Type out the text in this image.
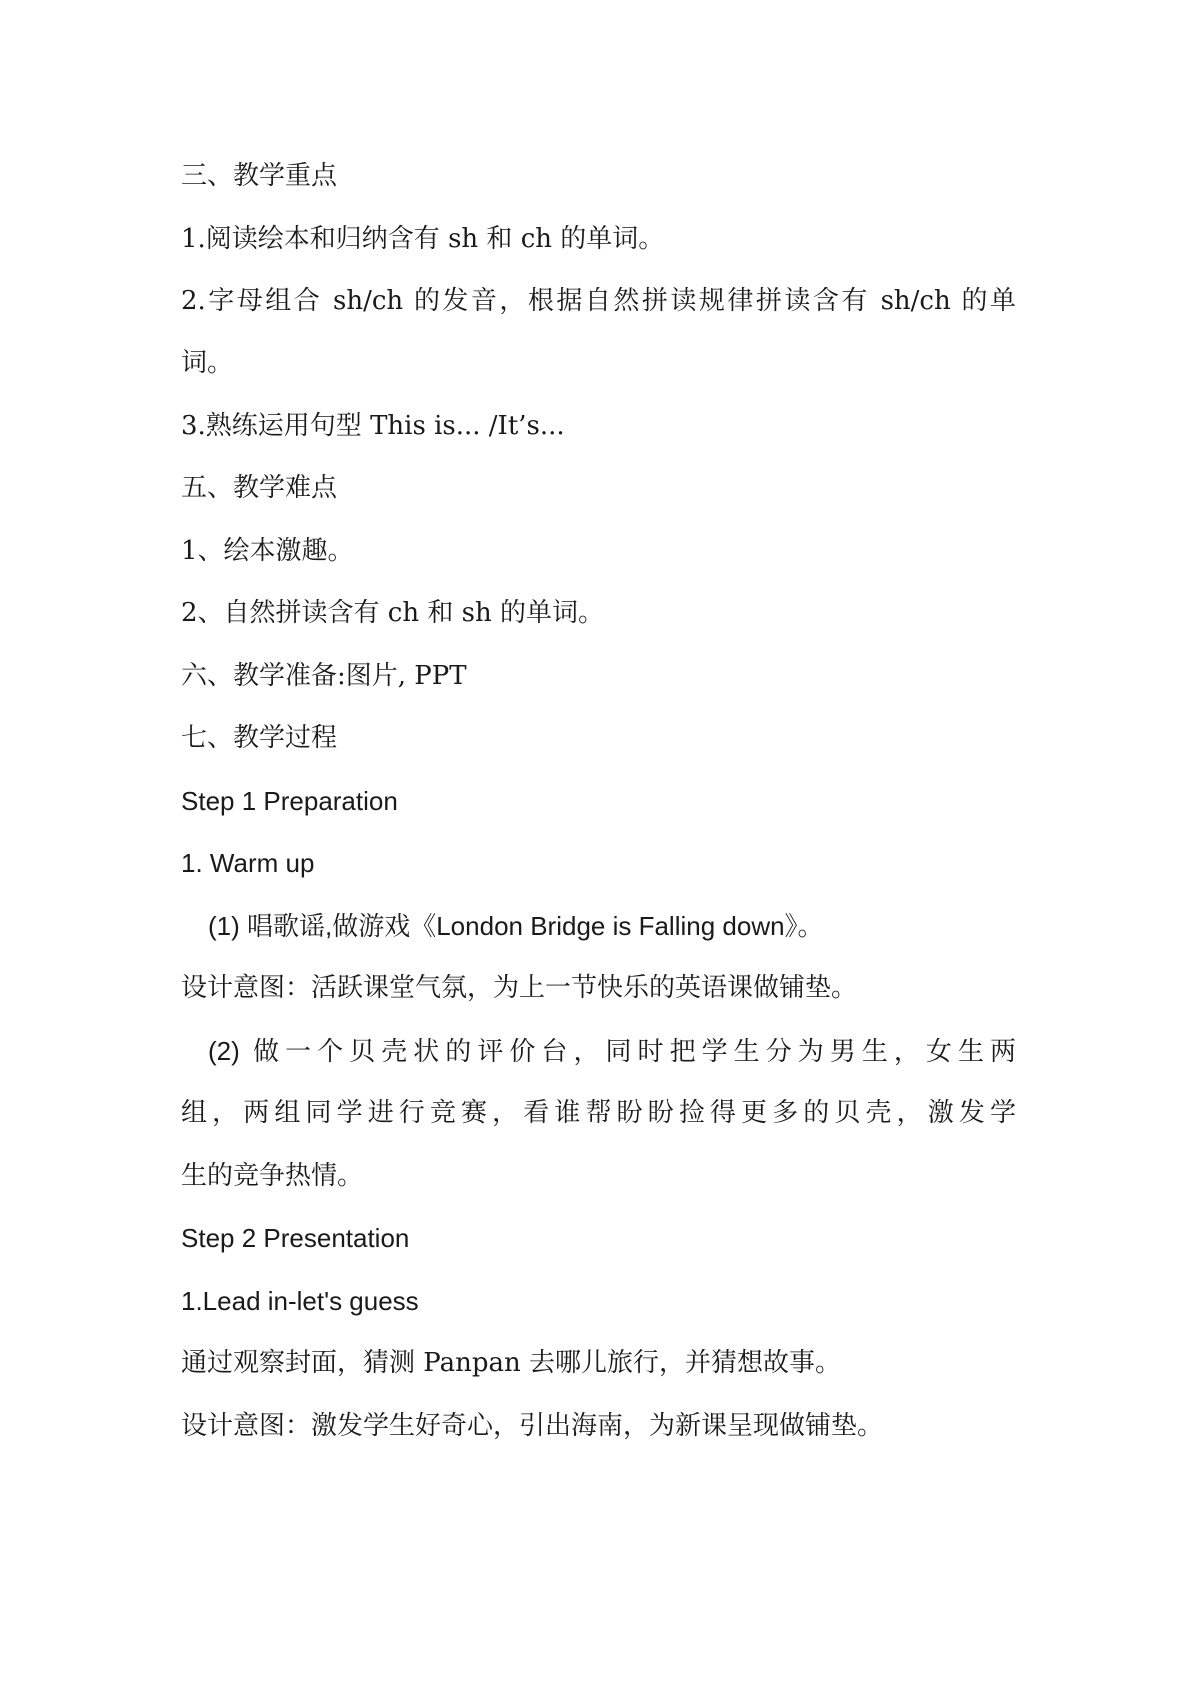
三、教学重点
1.阅读绘本和归纳含有 sh 和 ch 的单词。
2.字母组合 sh/ch 的发音，根据自然拼读规律拼读含有 sh/ch 的单
词。
3.熟练运用句型 This is... /It’s...
五、教学难点
1、绘本激趣。
2、自然拼读含有 ch 和 sh 的单词。
六、教学准备:图片, PPT
七、教学过程
Step 1 Preparation
1. Warm up
(1) 唱歌谣,做游戏《London Bridge is Falling down》。
设计意图：活跃课堂气氛，为上一节快乐的英语课做铺垫。
(2) 做一个贝壳状的评价台，同时把学生分为男生，女生两
组，两组同学进行竞赛，看谁帮盼盼捡得更多的贝壳，激发学
生的竞争热情。
Step 2 Presentation
1.Lead in-let's guess
通过观察封面，猜测 Panpan 去哪儿旅行，并猜想故事。
设计意图：激发学生好奇心，引出海南，为新课呈现做铺垫。
